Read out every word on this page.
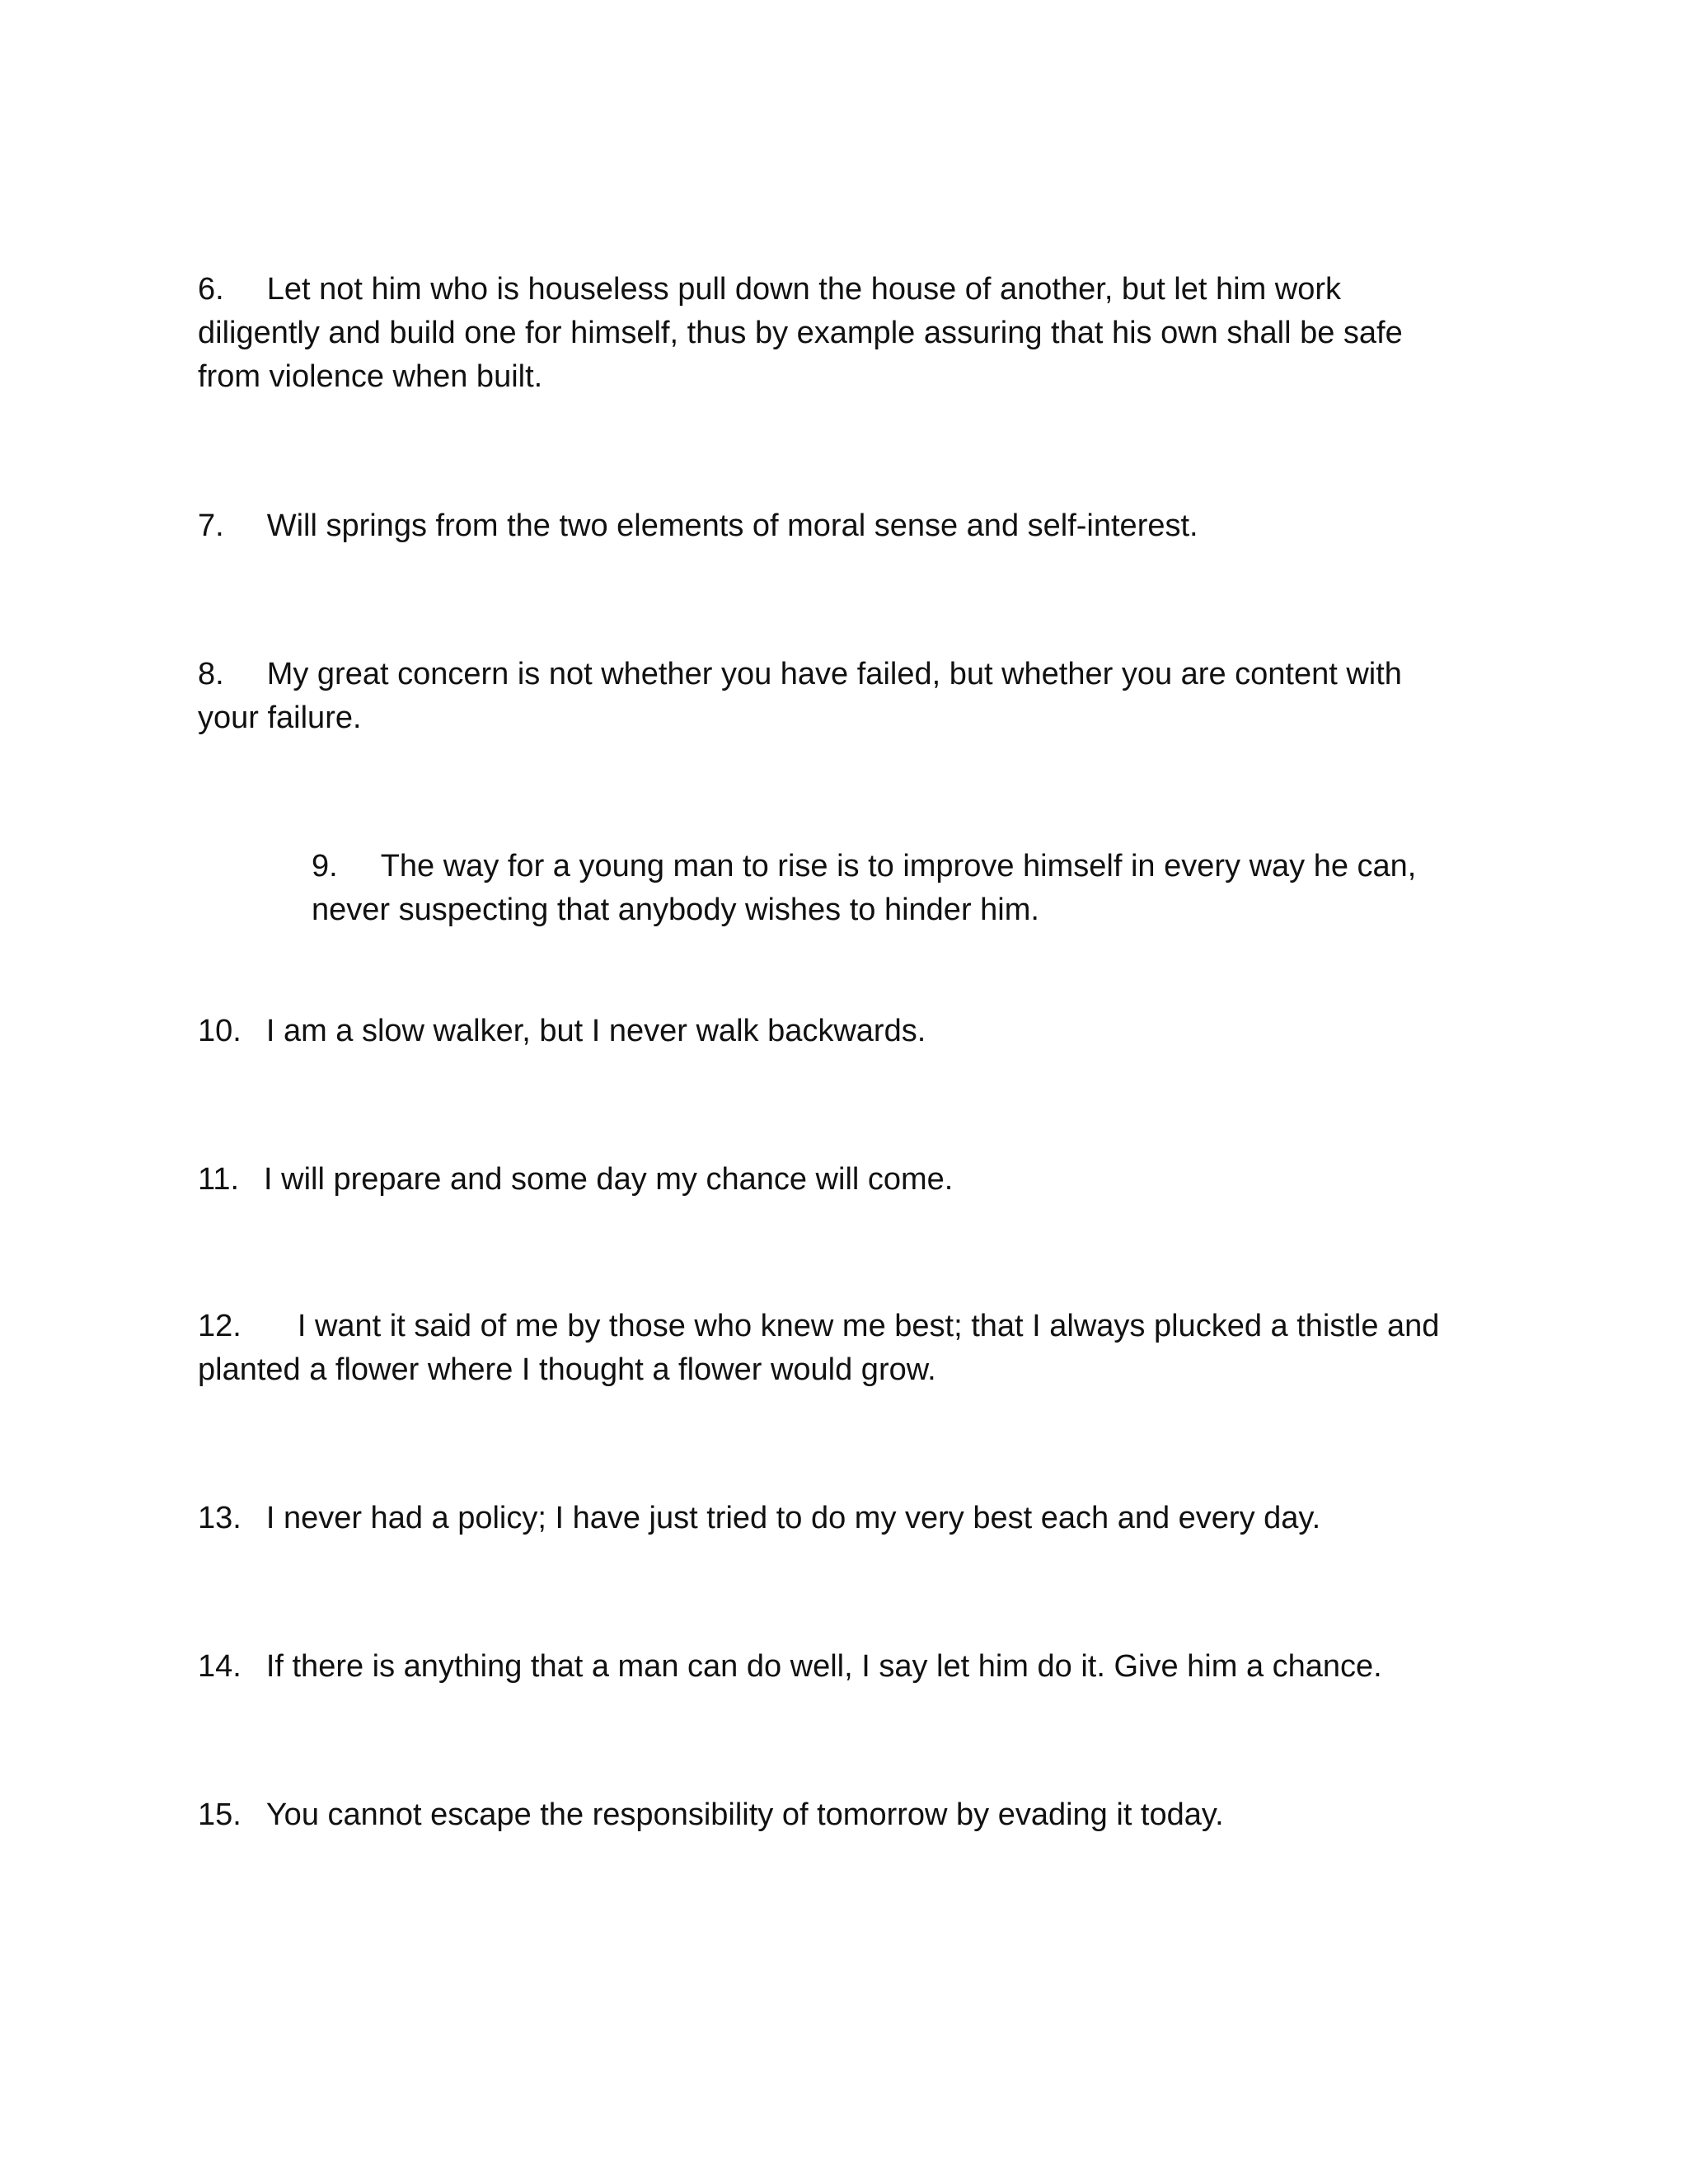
6. Let not him who is houseless pull down the house of another, but let him work diligently and build one for himself, thus by example assuring that his own shall be safe from violence when built.

7. Will springs from the two elements of moral sense and self-interest.

8. My great concern is not whether you have failed, but whether you are content with your failure.

9. The way for a young man to rise is to improve himself in every way he can, never suspecting that anybody wishes to hinder him.

10. I am a slow walker, but I never walk backwards.

11. I will prepare and some day my chance will come.

12. I want it said of me by those who knew me best; that I always plucked a thistle and planted a flower where I thought a flower would grow.

13. I never had a policy; I have just tried to do my very best each and every day.

14. If there is anything that a man can do well, I say let him do it. Give him a chance.

15. You cannot escape the responsibility of tomorrow by evading it today.
